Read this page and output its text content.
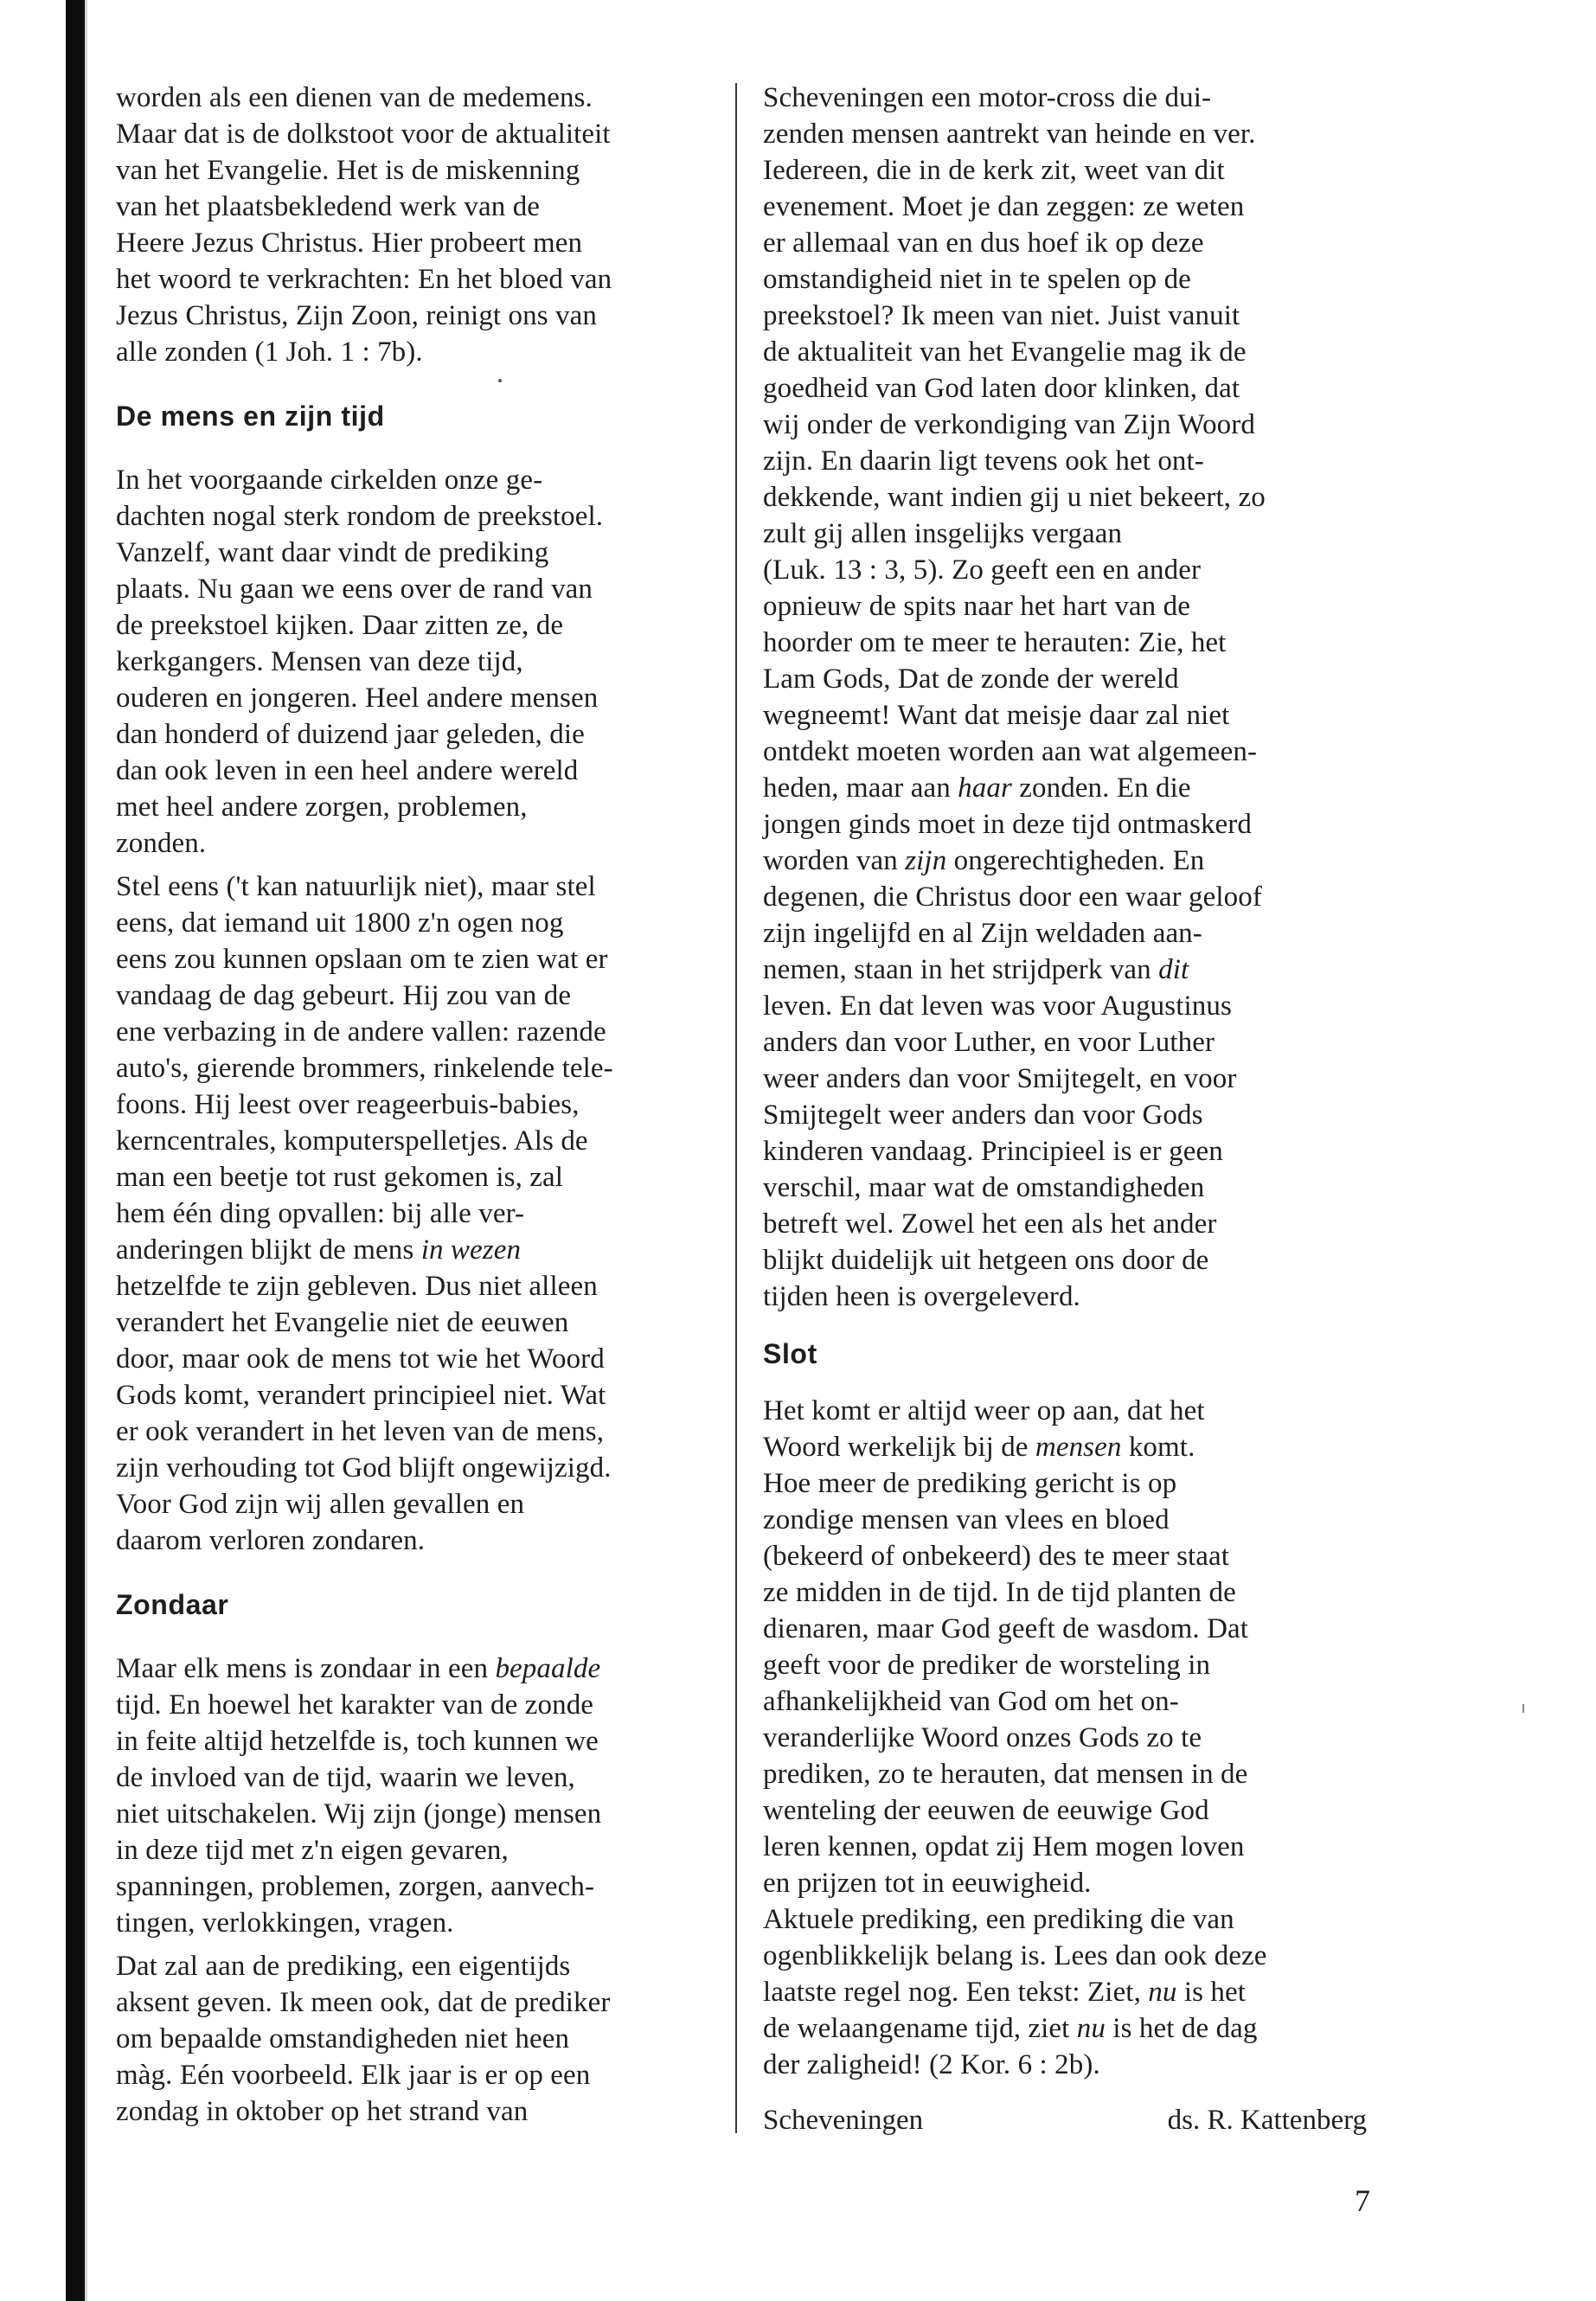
worden als een dienen van de medemens.
Maar dat is de dolkstoot voor de aktualiteit
van het Evangelie. Het is de miskenning
van het plaatsbekledend werk van de
Heere Jezus Christus. Hier probeert men
het woord te verkrachten: En het bloed van
Jezus Christus, Zijn Zoon, reinigt ons van
alle zonden (1 Joh. 1 : 7b).
De mens en zijn tijd
In het voorgaande cirkelden onze ge-
dachten nogal sterk rondom de preekstoel.
Vanzelf, want daar vindt de prediking
plaats. Nu gaan we eens over de rand van
de preekstoel kijken. Daar zitten ze, de
kerkgangers. Mensen van deze tijd,
ouderen en jongeren. Heel andere mensen
dan honderd of duizend jaar geleden, die
dan ook leven in een heel andere wereld
met heel andere zorgen, problemen,
zonden.
Stel eens ('t kan natuurlijk niet), maar stel
eens, dat iemand uit 1800 z'n ogen nog
eens zou kunnen opslaan om te zien wat er
vandaag de dag gebeurt. Hij zou van de
ene verbazing in de andere vallen: razende
auto's, gierende brommers, rinkelende tele-
foons. Hij leest over reageerbuis-babies,
kerncentrales, komputerspelletjes. Als de
man een beetje tot rust gekomen is, zal
hem één ding opvallen: bij alle ver-
anderingen blijkt de mens in wezen
hetzelfde te zijn gebleven. Dus niet alleen
verandert het Evangelie niet de eeuwen
door, maar ook de mens tot wie het Woord
Gods komt, verandert principieel niet. Wat
er ook verandert in het leven van de mens,
zijn verhouding tot God blijft ongewijzigd.
Voor God zijn wij allen gevallen en
daarom verloren zondaren.
Zondaar
Maar elk mens is zondaar in een bepaalde
tijd. En hoewel het karakter van de zonde
in feite altijd hetzelfde is, toch kunnen we
de invloed van de tijd, waarin we leven,
niet uitschakelen. Wij zijn (jonge) mensen
in deze tijd met z'n eigen gevaren,
spanningen, problemen, zorgen, aanvech-
tingen, verlokkingen, vragen.
Dat zal aan de prediking, een eigentijds
aksent geven. Ik meen ook, dat de prediker
om bepaalde omstandigheden niet heen
màg. Eén voorbeeld. Elk jaar is er op een
zondag in oktober op het strand van
Scheveningen een motor-cross die dui-
zenden mensen aantrekt van heinde en ver.
Iedereen, die in de kerk zit, weet van dit
evenement. Moet je dan zeggen: ze weten
er allemaal van en dus hoef ik op deze
omstandigheid niet in te spelen op de
preekstoel? Ik meen van niet. Juist vanuit
de aktualiteit van het Evangelie mag ik de
goedheid van God laten door klinken, dat
wij onder de verkondiging van Zijn Woord
zijn. En daarin ligt tevens ook het ont-
dekkende, want indien gij u niet bekeert, zo
zult gij allen insgelijks vergaan
(Luk. 13 : 3, 5). Zo geeft een en ander
opnieuw de spits naar het hart van de
hoorder om te meer te herauten: Zie, het
Lam Gods, Dat de zonde der wereld
wegneemt! Want dat meisje daar zal niet
ontdekt moeten worden aan wat algemeen-
heden, maar aan haar zonden. En die
jongen ginds moet in deze tijd ontmaskerd
worden van zijn ongerechtigheden. En
degenen, die Christus door een waar geloof
zijn ingelijfd en al Zijn weldaden aan-
nemen, staan in het strijdperk van dit
leven. En dat leven was voor Augustinus
anders dan voor Luther, en voor Luther
weer anders dan voor Smijtegelt, en voor
Smijtegelt weer anders dan voor Gods
kinderen vandaag. Principieel is er geen
verschil, maar wat de omstandigheden
betreft wel. Zowel het een als het ander
blijkt duidelijk uit hetgeen ons door de
tijden heen is overgeleverd.
Slot
Het komt er altijd weer op aan, dat het
Woord werkelijk bij de mensen komt.
Hoe meer de prediking gericht is op
zondige mensen van vlees en bloed
(bekeerd of onbekeerd) des te meer staat
ze midden in de tijd. In de tijd planten de
dienaren, maar God geeft de wasdom. Dat
geeft voor de prediker de worsteling in
afhankelijkheid van God om het on-
veranderlijke Woord onzes Gods zo te
prediken, zo te herauten, dat mensen in de
wenteling der eeuwen de eeuwige God
leren kennen, opdat zij Hem mogen loven
en prijzen tot in eeuwigheid.
Aktuele prediking, een prediking die van
ogenblikkelijk belang is. Lees dan ook deze
laatste regel nog. Een tekst: Ziet, nu is het
de welaangename tijd, ziet nu is het de dag
der zaligheid! (2 Kor. 6 : 2b).
Scheveningen	ds. R. Kattenberg
7
